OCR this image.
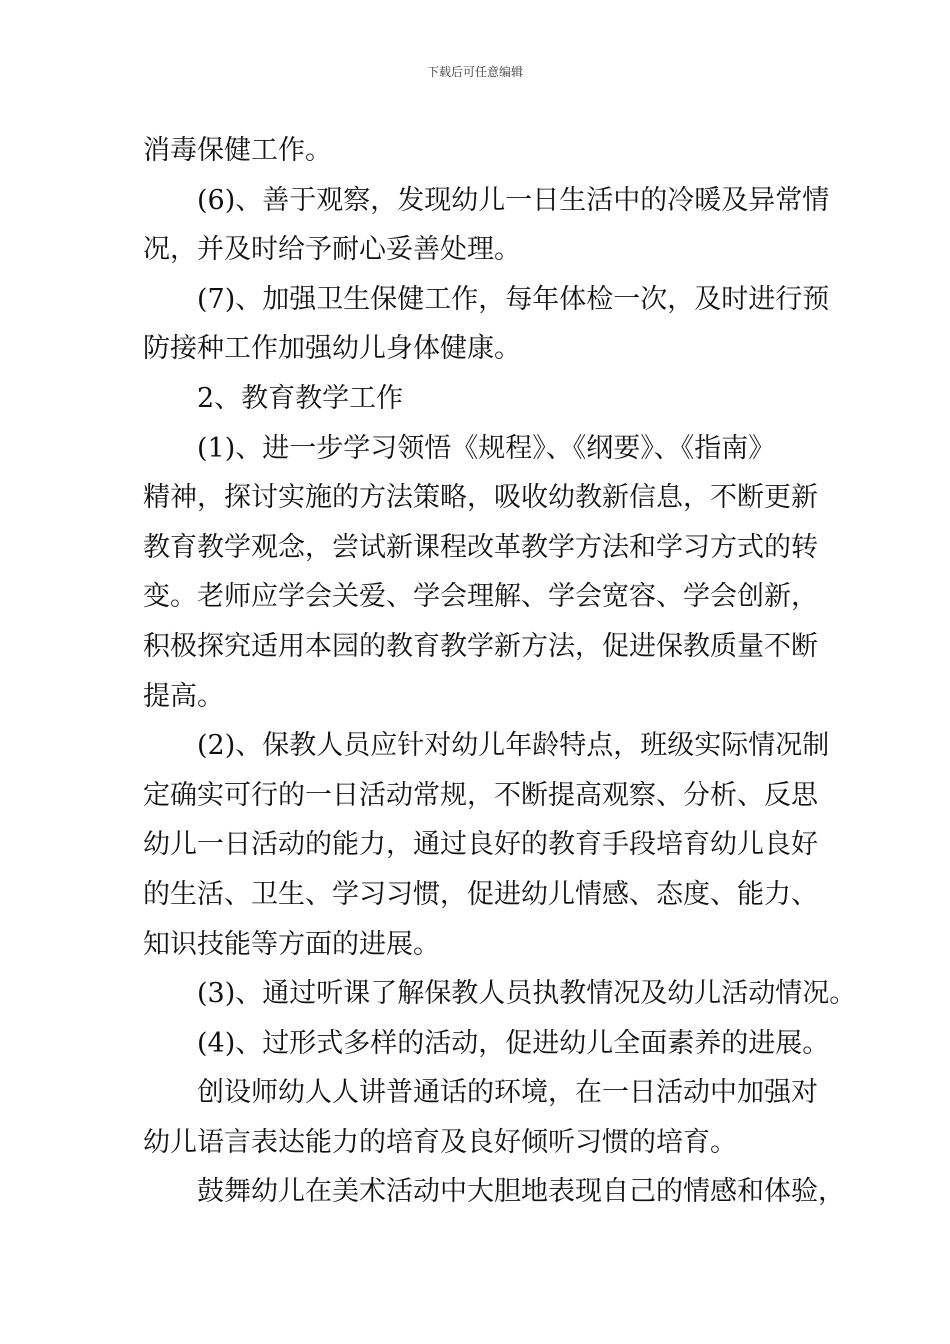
下载后可任意编辑

消毒保健工作。

(6)、善于观察，发现幼儿一日生活中的冷暖及异常情
况，并及时给予耐心妥善处理。

(7)、加强卫生保健工作，每年体检一次，及时进行预
防接种工作加强幼儿身体健康。

2、教育教学工作

(1)、进一步学习领悟《规程》、《纲要》、《指南》
精神，探讨实施的方法策略，吸收幼教新信息，不断更新
教育教学观念，尝试新课程改革教学方法和学习方式的转
变。老师应学会关爱、学会理解、学会宽容、学会创新，
积极探究适用本园的教育教学新方法，促进保教质量不断
提高。

(2)、保教人员应针对幼儿年龄特点，班级实际情况制
定确实可行的一日活动常规，不断提高观察、分析、反思
幼儿一日活动的能力，通过良好的教育手段培育幼儿良好
的生活、卫生、学习习惯，促进幼儿情感、态度、能力、
知识技能等方面的进展。

(3)、通过听课了解保教人员执教情况及幼儿活动情况。

(4)、过形式多样的活动，促进幼儿全面素养的进展。

创设师幼人人讲普通话的环境，在一日活动中加强对
幼儿语言表达能力的培育及良好倾听习惯的培育。

鼓舞幼儿在美术活动中大胆地表现自己的情感和体验，
